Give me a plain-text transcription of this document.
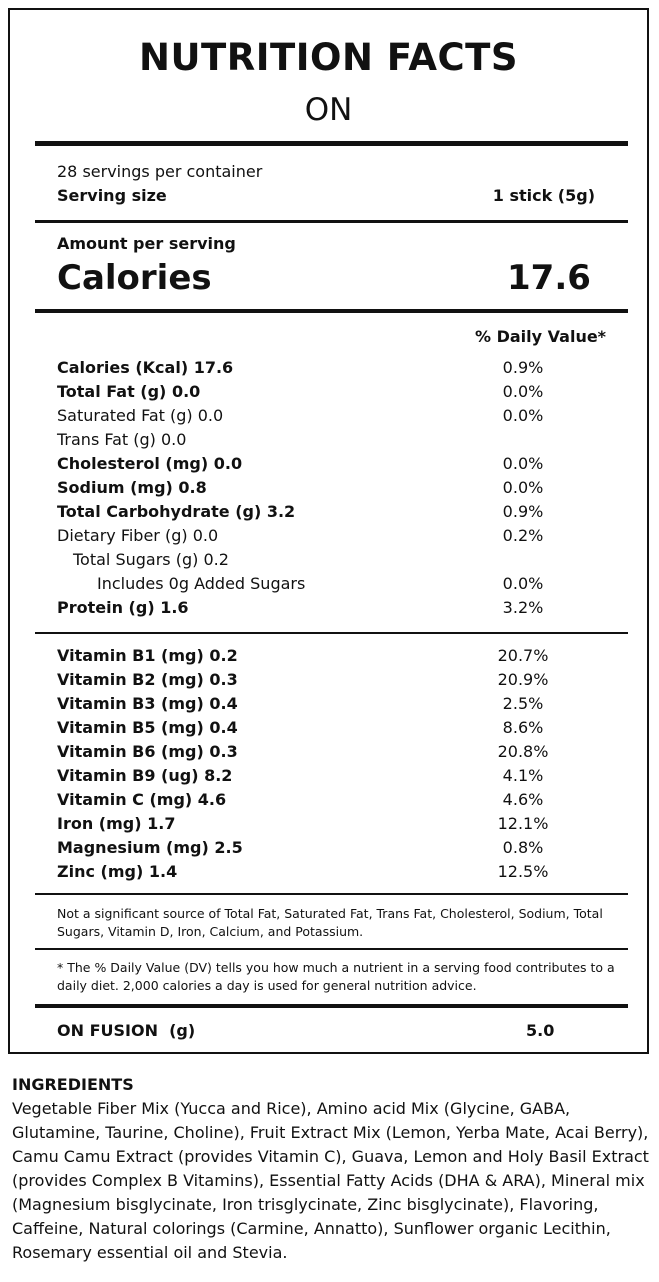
NUTRITION FACTS
ON
28 servings per container
Serving size	1 stick (5g)
Amount per serving
Calories	17.6
% Daily Value*
Calories (Kcal) 17.6	0.9%
Total Fat (g) 0.0	0.0%
Saturated Fat (g) 0.0	0.0%
Trans Fat (g) 0.0
Cholesterol (mg) 0.0	0.0%
Sodium (mg) 0.8	0.0%
Total Carbohydrate (g) 3.2	0.9%
Dietary Fiber (g) 0.0	0.2%
Total Sugars (g) 0.2
Includes 0g Added Sugars	0.0%
Protein (g) 1.6	3.2%
Vitamin B1 (mg) 0.2	20.7%
Vitamin B2 (mg) 0.3	20.9%
Vitamin B3 (mg) 0.4	2.5%
Vitamin B5 (mg) 0.4	8.6%
Vitamin B6 (mg) 0.3	20.8%
Vitamin B9 (ug) 8.2	4.1%
Vitamin C (mg) 4.6	4.6%
Iron (mg) 1.7	12.1%
Magnesium (mg) 2.5	0.8%
Zinc (mg) 1.4	12.5%
Not a significant source of Total Fat, Saturated Fat, Trans Fat, Cholesterol, Sodium, Total Sugars, Vitamin D, Iron, Calcium, and Potassium.
* The % Daily Value (DV) tells you how much a nutrient in a serving food contributes to a daily diet. 2,000 calories a day is used for general nutrition advice.
ON FUSION  (g)	5.0
INGREDIENTS
Vegetable Fiber Mix (Yucca and Rice), Amino acid Mix (Glycine, GABA, Glutamine, Taurine, Choline), Fruit Extract Mix (Lemon, Yerba Mate, Acai Berry), Camu Camu Extract (provides Vitamin C), Guava, Lemon and Holy Basil Extract (provides Complex B Vitamins), Essential Fatty Acids (DHA & ARA), Mineral mix (Magnesium bisglycinate, Iron trisglycinate, Zinc bisglycinate), Flavoring, Caffeine, Natural colorings (Carmine, Annatto), Sunflower organic Lecithin, Rosemary essential oil and Stevia.
